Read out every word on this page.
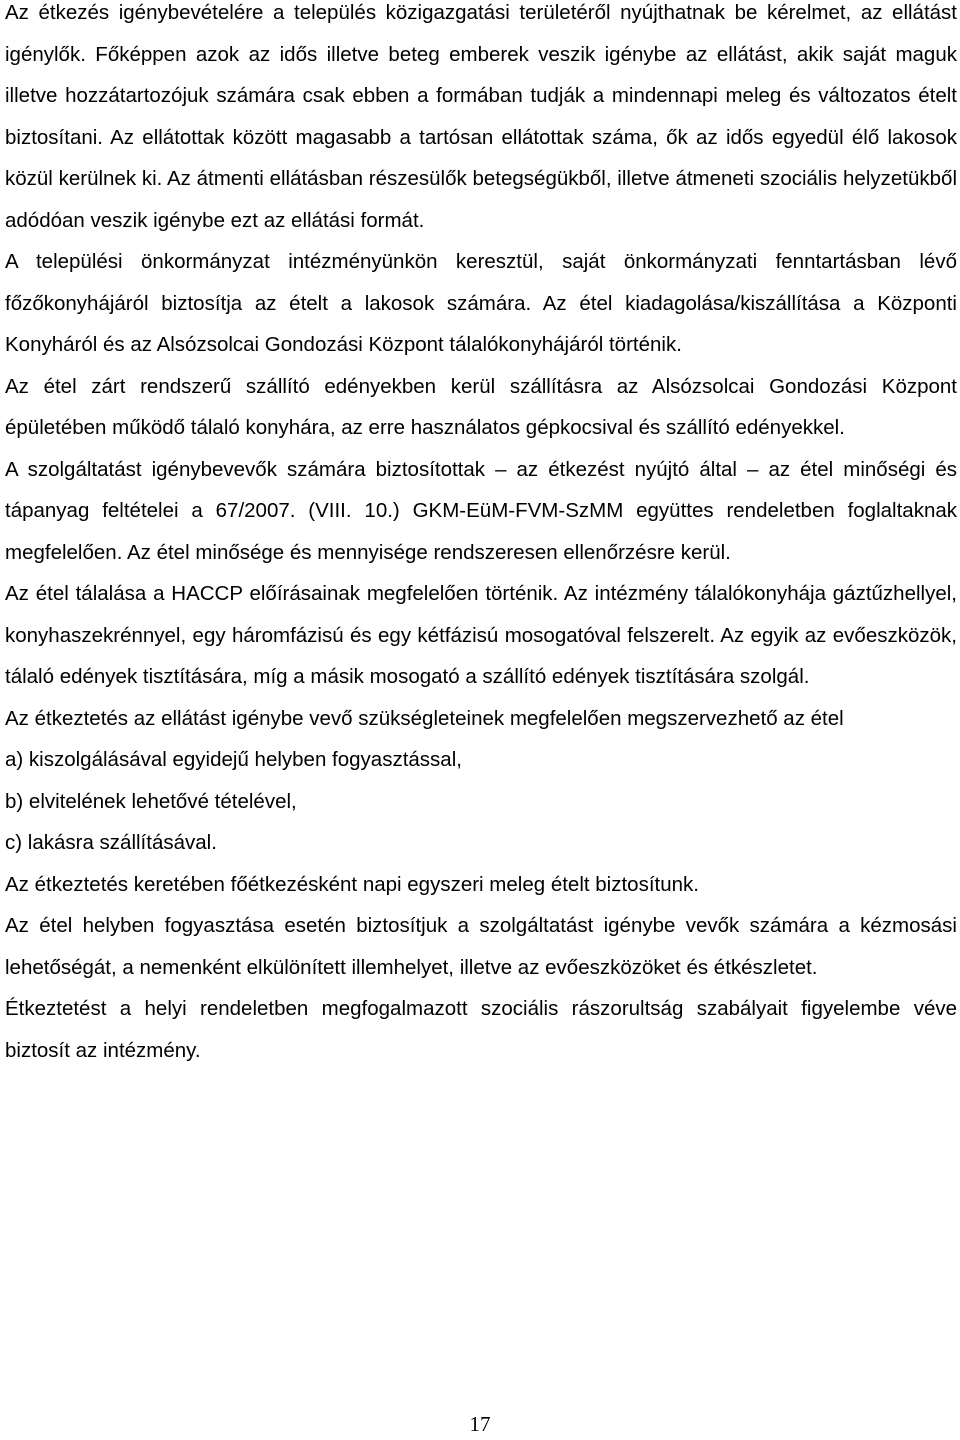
Az étkezés igénybevételére a település közigazgatási területéről nyújthatnak be kérelmet, az ellátást igénylők. Főképpen azok az idős illetve beteg emberek veszik igénybe az ellátást, akik saját maguk illetve hozzátartozójuk számára csak ebben a formában tudják a mindennapi meleg és változatos ételt biztosítani. Az ellátottak között magasabb a tartósan ellátottak száma, ők az idős egyedül élő lakosok közül kerülnek ki. Az átmenti ellátásban részesülők betegségükből, illetve átmeneti szociális helyzetükből adódóan veszik igénybe ezt az ellátási formát.

A települési önkormányzat intézményünkön keresztül, saját önkormányzati fenntartásban lévő főzőkonyhájáról biztosítja az ételt a lakosok számára. Az étel kiadagolása/kiszállítása a Központi Konyháról és az Alsózsolcai Gondozási Központ tálalókonyhájáról történik.

Az étel zárt rendszerű szállító edényekben kerül szállításra az Alsózsolcai Gondozási Központ épületében működő tálaló konyhára, az erre használatos gépkocsival és szállító edényekkel.

A szolgáltatást igénybevevők számára biztosítottak – az étkezést nyújtó által – az étel minőségi és tápanyag feltételei a 67/2007. (VIII. 10.) GKM-EüM-FVM-SzMM együttes rendeletben foglaltaknak megfelelően. Az étel minősége és mennyisége rendszeresen ellenőrzésre kerül.

Az étel tálalása a HACCP előírásainak megfelelően történik. Az intézmény tálalókonyhája gáztűzhellyel, konyhaszekrénnyel, egy háromfázisú és egy kétfázisú mosogatóval felszerelt. Az egyik az evőeszközök, tálaló edények tisztítására, míg a másik mosogató a szállító edények tisztítására szolgál.

Az étkeztetés az ellátást igénybe vevő szükségleteinek megfelelően megszervezhető az étel

a) kiszolgálásával egyidejű helyben fogyasztással,

b) elvitelének lehetővé tételével,

c) lakásra szállításával.

Az étkeztetés keretében főétkezésként napi egyszeri meleg ételt biztosítunk.

Az étel helyben fogyasztása esetén biztosítjuk a szolgáltatást igénybe vevők számára a kézmosási lehetőségát, a nemenként elkülönített illemhelyet, illetve az evőeszközöket és étkészletet.

Étkeztetést a helyi rendeletben megfogalmazott szociális rászorultság szabályait figyelembe véve biztosít az intézmény.

17
